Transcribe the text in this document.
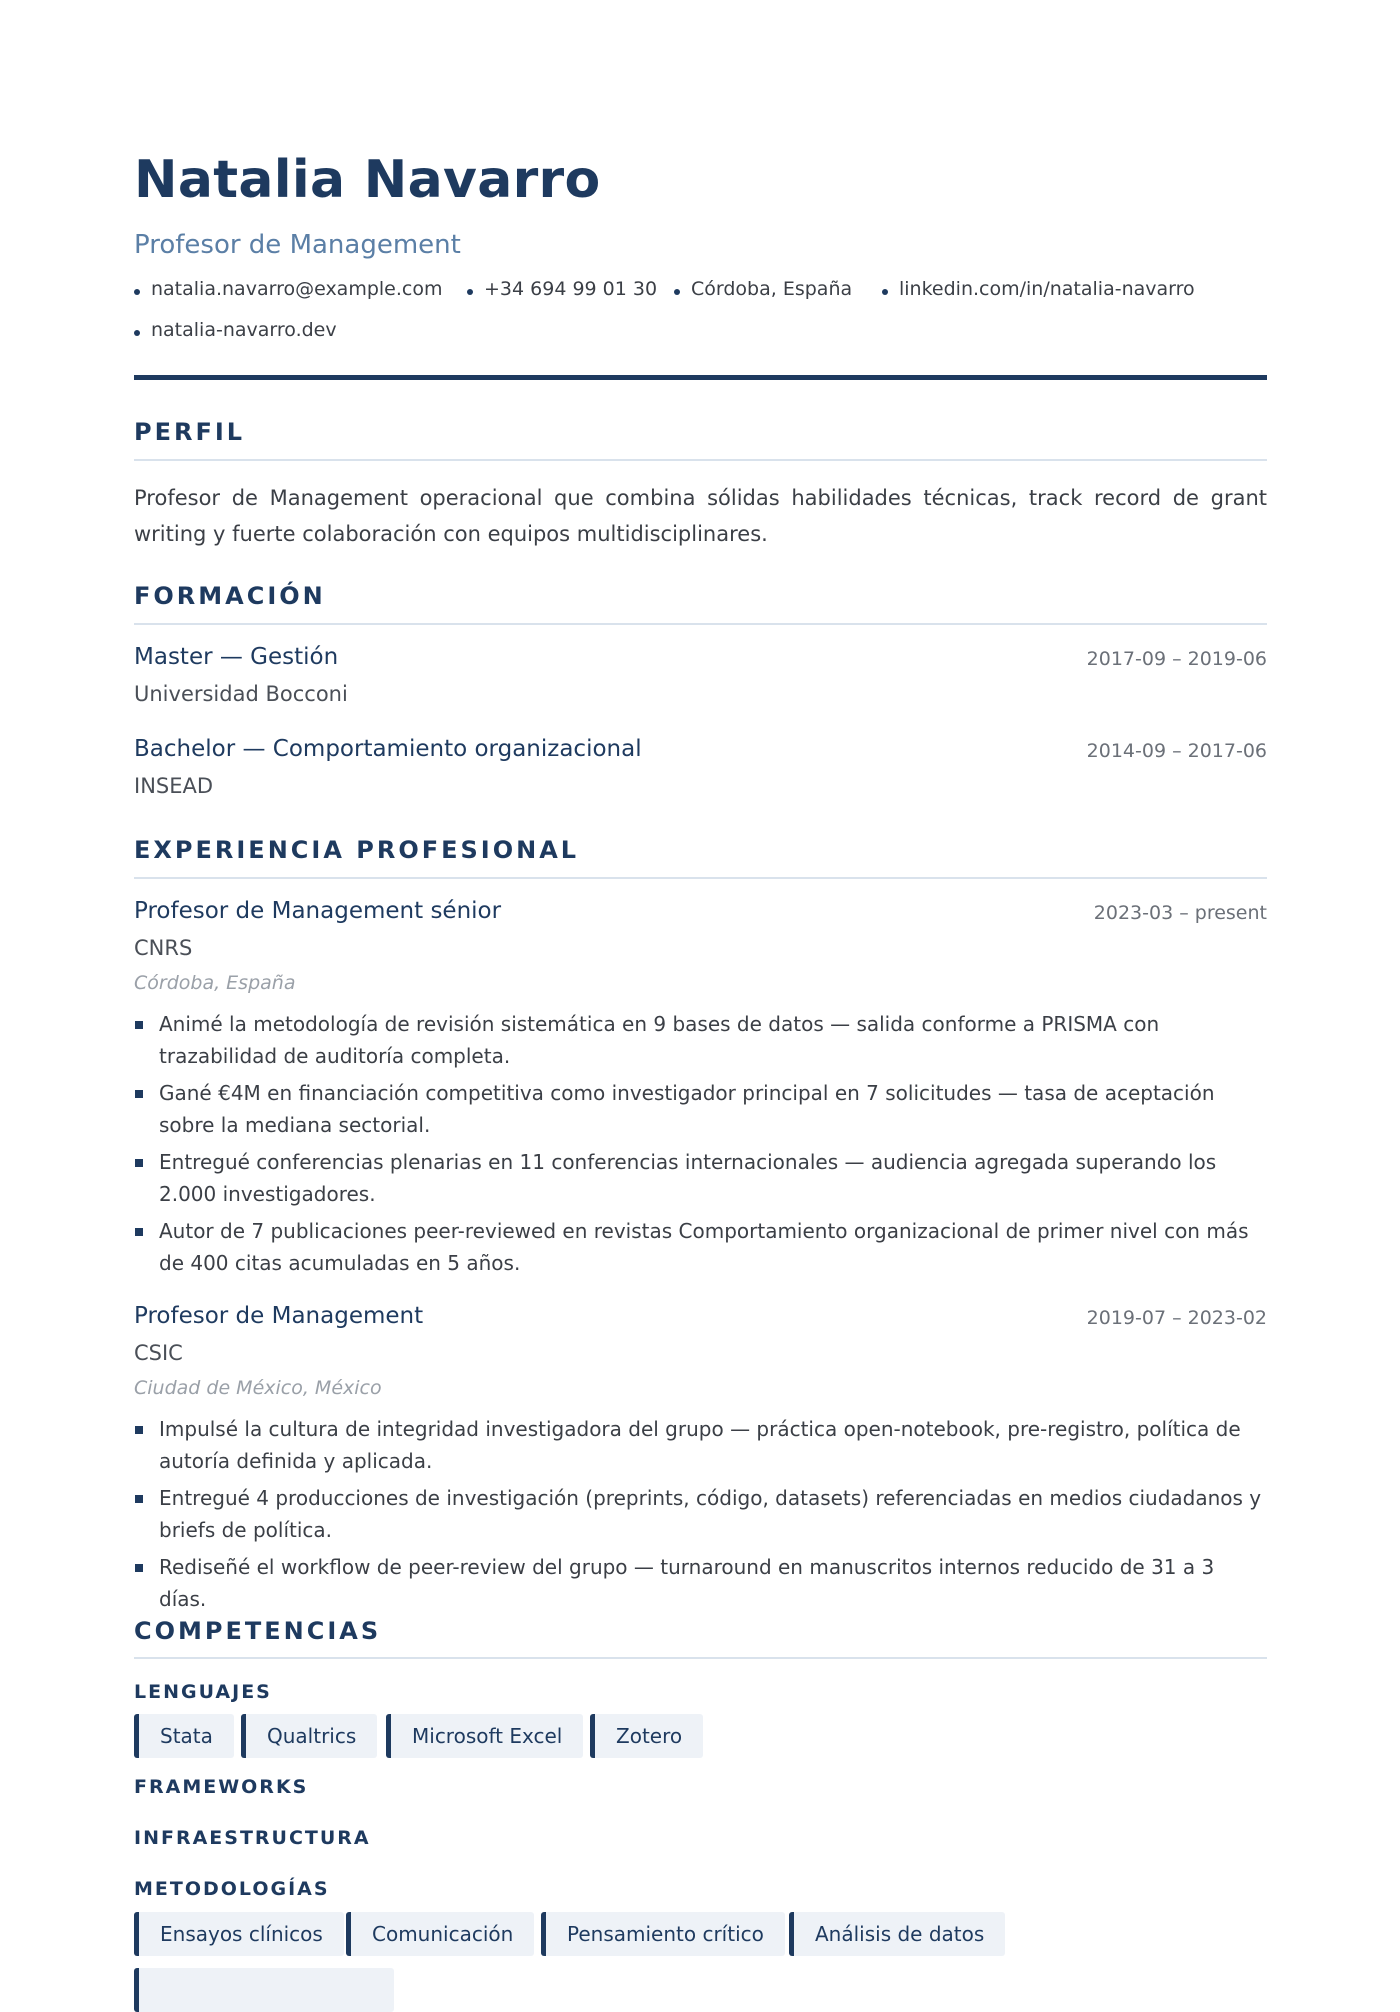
Natalia Navarro
Profesor de Management
natalia.navarro@example.com	+34 694 99 01 30	Córdoba, España	linkedin.com/in/natalia-navarro
natalia-navarro.dev
PERFIL

Profesor de Management operacional que combina sólidas habilidades técnicas, track record de grant writing y fuerte colaboración con equipos multidisciplinares.

FORMACIÓN
Master — Gestión	2017-09 – 2019-06
Universidad Bocconi
Bachelor — Comportamiento organizacional	2014-09 – 2017-06
INSEAD
EXPERIENCIA PROFESIONAL
Profesor de Management sénior	2023-03 – present
CNRS
Córdoba, España
Animé la metodología de revisión sistemática en 9 bases de datos — salida conforme a PRISMA con trazabilidad de auditoría completa.
Gané €4M en financiación competitiva como investigador principal en 7 solicitudes — tasa de aceptación sobre la mediana sectorial.
Entregué conferencias plenarias en 11 conferencias internacionales — audiencia agregada superando los 2.000 investigadores.
Autor de 7 publicaciones peer-reviewed en revistas Comportamiento organizacional de primer nivel con más de 400 citas acumuladas en 5 años.
Profesor de Management	2019-07 – 2023-02
CSIC
Ciudad de México, México
Impulsé la cultura de integridad investigadora del grupo — práctica open-notebook, pre-registro, política de autoría definida y aplicada.
Entregué 4 producciones de investigación (preprints, código, datasets) referenciadas en medios ciudadanos y briefs de política.
Rediseñé el workflow de peer-review del grupo — turnaround en manuscritos internos reducido de 31 a 3 días.
COMPETENCIAS
LENGUAJES
Stata	Qualtrics	Microsoft Excel	Zotero
FRAMEWORKS
INFRAESTRUCTURA
METODOLOGÍAS
Ensayos clínicos	Comunicación	Pensamiento crítico	Análisis de datos
